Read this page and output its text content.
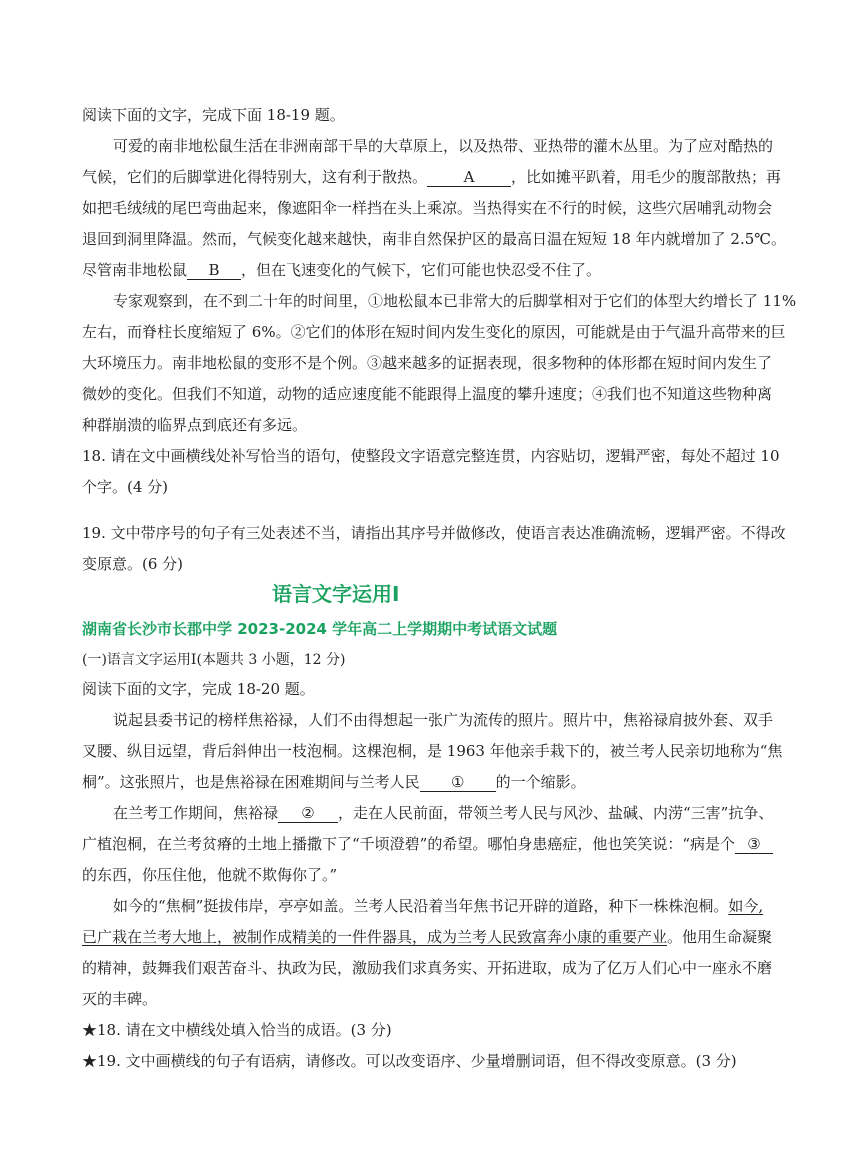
阅读下面的文字，完成下面 18-19 题。
可爱的南非地松鼠生活在非洲南部干旱的大草原上，以及热带、亚热带的灌木丛里。为了应对酷热的
气候，它们的后脚掌进化得特别大，这有利于散热。 A ，比如摊平趴着，用毛少的腹部散热；再
如把毛绒绒的尾巴弯曲起来，像遮阳伞一样挡在头上乘凉。当热得实在不行的时候，这些穴居哺乳动物会
退回到洞里降温。然而，气候变化越来越快，南非自然保护区的最高日温在短短 18 年内就增加了 2.5℃。
尽管南非地松鼠 B ，但在飞速变化的气候下，它们可能也快忍受不住了。
专家观察到，在不到二十年的时间里，①地松鼠本已非常大的后脚掌相对于它们的体型大约增长了 11%
左右，而脊柱长度缩短了 6%。②它们的体形在短时间内发生变化的原因，可能就是由于气温升高带来的巨
大环境压力。南非地松鼠的变形不是个例。③越来越多的证据表现，很多物种的体形都在短时间内发生了
微妙的变化。但我们不知道，动物的适应速度能不能跟得上温度的攀升速度；④我们也不知道这些物种离
种群崩溃的临界点到底还有多远。
18. 请在文中画横线处补写恰当的语句，使整段文字语意完整连贯，内容贴切，逻辑严密，每处不超过 10
个字。(4 分)
19. 文中带序号的句子有三处表述不当，请指出其序号并做修改，使语言表达准确流畅，逻辑严密。不得改
变原意。(6 分)
语言文字运用Ⅰ
湖南省长沙市长郡中学 2023-2024 学年高二上学期期中考试语文试题
(一)语言文字运用Ⅰ(本题共 3 小题，12 分)
阅读下面的文字，完成 18-20 题。
说起县委书记的榜样焦裕禄，人们不由得想起一张广为流传的照片。照片中，焦裕禄肩披外套、双手
叉腰、纵目远望，背后斜伸出一枝泡桐。这棵泡桐，是 1963 年他亲手栽下的，被兰考人民亲切地称为“焦
桐”。这张照片，也是焦裕禄在困难期间与兰考人民 ① 的一个缩影。
在兰考工作期间，焦裕禄 ② ，走在人民前面，带领兰考人民与风沙、盐碱、内涝“三害”抗争、
广植泡桐，在兰考贫瘠的土地上播撒下了“千顷澄碧”的希望。哪怕身患癌症，他也笑笑说：“病是个 ③
的东西，你压住他，他就不欺侮你了。”
如今的“焦桐”挺拔伟岸，亭亭如盖。兰考人民沿着当年焦书记开辟的道路，种下一株株泡桐。如今,
已广栽在兰考大地上，被制作成精美的一件件器具，成为兰考人民致富奔小康的重要产业。他用生命凝聚
的精神，鼓舞我们艰苦奋斗、执政为民，激励我们求真务实、开拓进取，成为了亿万人们心中一座永不磨
灭的丰碑。
★18. 请在文中横线处填入恰当的成语。(3 分)
★19. 文中画横线的句子有语病，请修改。可以改变语序、少量增删词语，但不得改变原意。(3 分)
